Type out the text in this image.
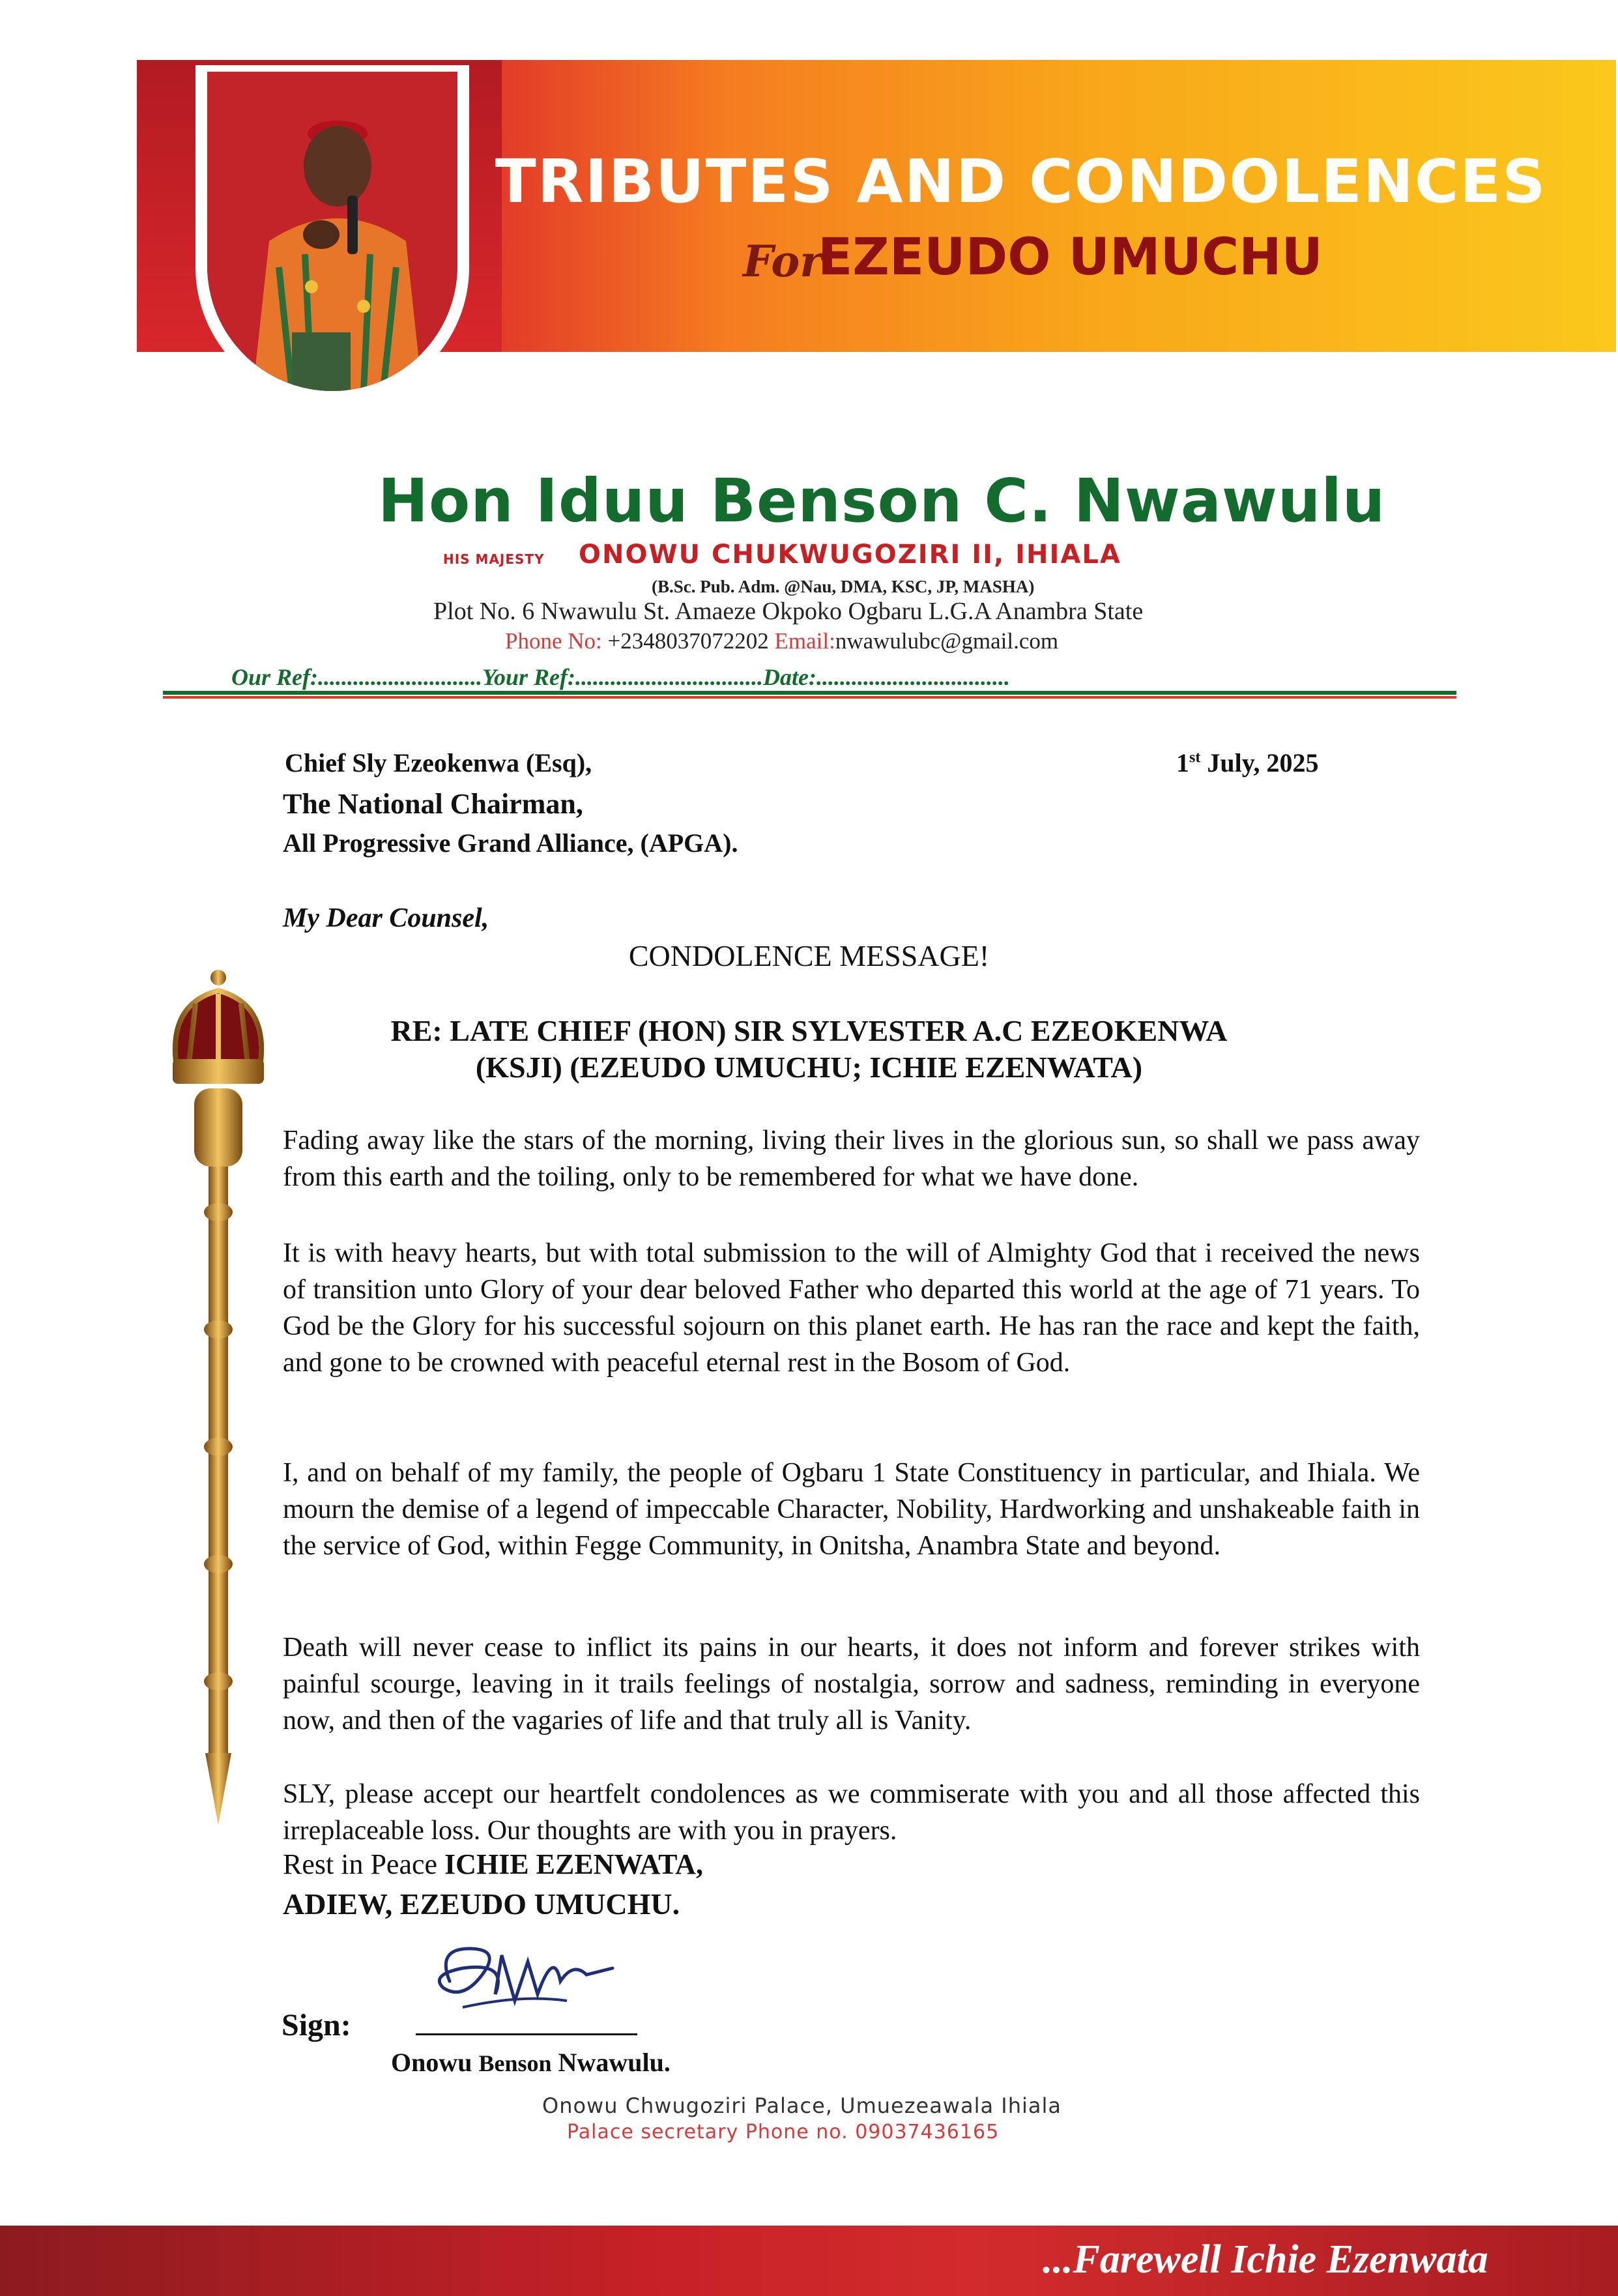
TRIBUTES AND CONDOLENCES
For
EZEUDO UMUCHU
Hon Iduu Benson C. Nwawulu
HIS MAJESTY ONOWU CHUKWUGOZIRI II, IHIALA
(B.Sc. Pub. Adm. @Nau, DMA, KSC, JP, MASHA)
Plot No. 6 Nwawulu St. Amaeze Okpoko Ogbaru L.G.A Anambra State
Phone No: +2348037072202 Email:nwawulubc@gmail.com
Our Ref:............................Your Ref:................................Date:.................................
Chief Sly Ezeokenwa (Esq),	1st July, 2025
The National Chairman,
All Progressive Grand Alliance, (APGA).
My Dear Counsel,
CONDOLENCE MESSAGE!
RE: LATE CHIEF (HON) SIR SYLVESTER A.C EZEOKENWA
(KSJI) (EZEUDO UMUCHU; ICHIE EZENWATA)
Fading away like the stars of the morning, living their lives in the glorious sun, so shall we pass away from this earth and the toiling, only to be remembered for what we have done.
It is with heavy hearts, but with total submission to the will of Almighty God that i received the news of transition unto Glory of your dear beloved Father who departed this world at the age of 71 years. To God be the Glory for his successful sojourn on this planet earth. He has ran the race and kept the faith, and gone to be crowned with peaceful eternal rest in the Bosom of God.
I, and on behalf of my family, the people of Ogbaru 1 State Constituency in particular, and Ihiala. We mourn the demise of a legend of impeccable Character, Nobility, Hardworking and unshakeable faith in the service of God, within Fegge Community, in Onitsha, Anambra State and beyond.
Death will never cease to inflict its pains in our hearts, it does not inform and forever strikes with painful scourge, leaving in it trails feelings of nostalgia, sorrow and sadness, reminding in everyone now, and then of the vagaries of life and that truly all is Vanity.
SLY, please accept our heartfelt condolences as we commiserate with you and all those affected this irreplaceable loss. Our thoughts are with you in prayers.
Rest in Peace ICHIE EZENWATA,
ADIEW, EZEUDO UMUCHU.
Sign:
Onowu Benson Nwawulu.
Onowu Chwugoziri Palace, Umuezeawala Ihiala
Palace secretary Phone no. 09037436165
...Farewell Ichie Ezenwata
